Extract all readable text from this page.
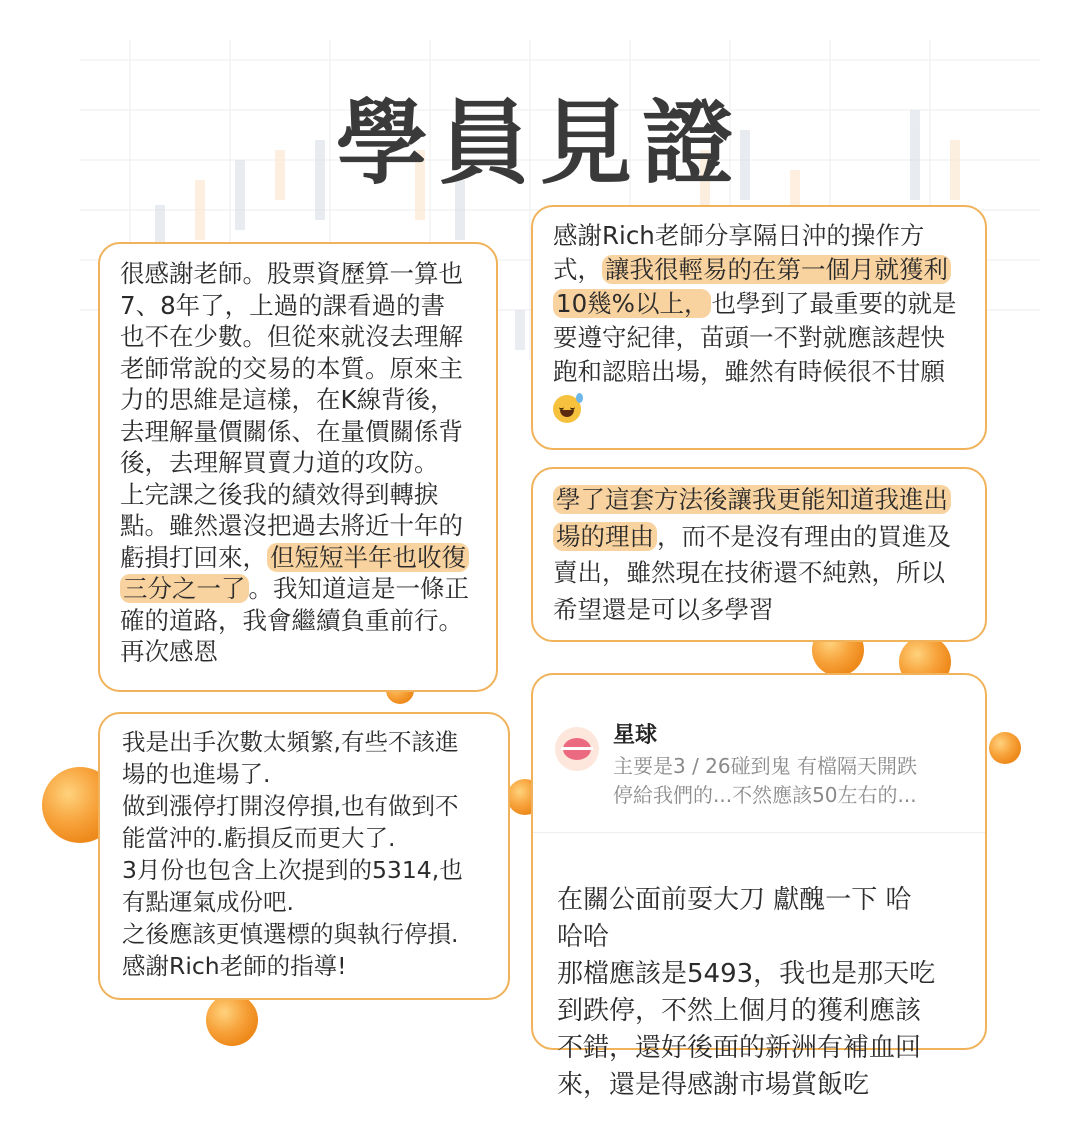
學員見證
很感謝老師。股票資歷算一算也
7、8年了，上過的課看過的書
也不在少數。但從來就沒去理解
老師常說的交易的本質。原來主
力的思維是這樣，在K線背後，
去理解量價關係、在量價關係背
後，去理解買賣力道的攻防。
上完課之後我的績效得到轉捩
點。雖然還沒把過去將近十年的
虧損打回來， 但短短半年也收復
三分之一了 。我知道這是一條正
確的道路，我會繼續負重前行。
再次感恩
感謝Rich老師分享隔日沖的操作方
式， 讓我很輕易的在第一個月就獲利
10幾%以上， 也學到了最重要的就是
要遵守紀律，苗頭一不對就應該趕快
跑和認賠出場，雖然有時候很不甘願

學了這套方法後讓我更能知道我進出
場的理由 ，而不是沒有理由的買進及
賣出，雖然現在技術還不純熟，所以
希望還是可以多學習
我是出手次數太頻繁,有些不該進
場的也進場了.
做到漲停打開沒停損,也有做到不
能當沖的.虧損反而更大了.
3月份也包含上次提到的5314,也
有點運氣成份吧.
之後應該更慎選標的與執行停損.
感謝Rich老師的指導!

星球

主要是3 / 26碰到鬼 有檔隔天開跌
停給我們的...不然應該50左右的...

在關公面前耍大刀 獻醜一下 哈
哈哈
那檔應該是5493，我也是那天吃
到跌停，不然上個月的獲利應該
不錯，還好後面的新洲有補血回
來，還是得感謝市場賞飯吃
